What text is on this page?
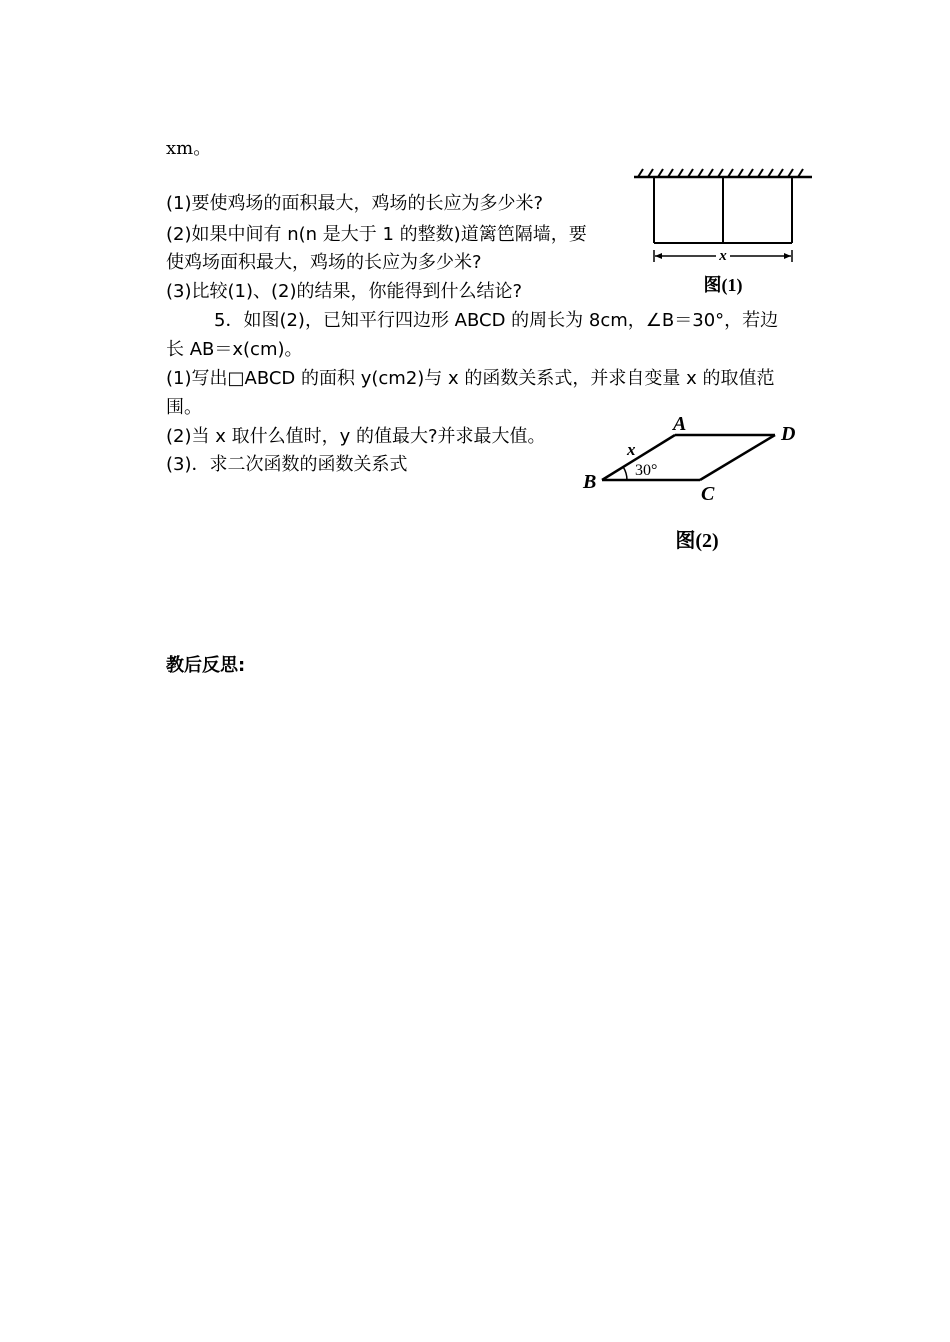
xm。
(1)要使鸡场的面积最大，鸡场的长应为多少米?
(2)如果中间有 n(n 是大于 1 的整数)道篱笆隔墙，要
使鸡场面积最大，鸡场的长应为多少米?
(3)比较(1)、(2)的结果，你能得到什么结论?
5．如图(2)，已知平行四边形 ABCD 的周长为 8cm，∠B＝30°，若边
长 AB＝x(cm)。
(1)写出□ABCD 的面积 y(cm2)与 x 的函数关系式，并求自变量 x 的取值范
围。
(2)当 x 取什么值时，y 的值最大?并求最大值。
(3)．求二次函数的函数关系式
教后反思:
x
图(1)
A
B
C
D
x
30°
图(2)
